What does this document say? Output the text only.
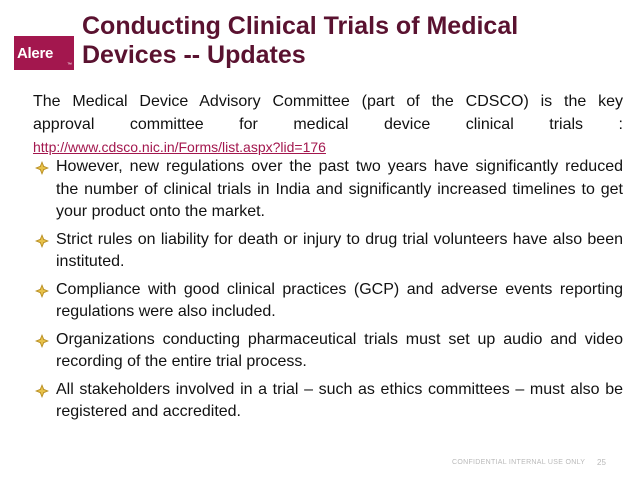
Alere
™
Conducting Clinical Trials of Medical
Devices -- Updates
The Medical Device Advisory Committee (part of the CDSCO) is the key
approval committee for medical device clinical trials :
http://www.cdsco.nic.in/Forms/list.aspx?lid=176
However, new regulations over the past two years have significantly reduced the number of clinical trials in India and significantly increased timelines to get your product onto the market.
Strict rules on liability for death or injury to drug trial volunteers have also been instituted.
Compliance with good clinical practices (GCP) and adverse events reporting regulations were also included.
Organizations conducting pharmaceutical trials must set up audio and video recording of the entire trial process.
All stakeholders involved in a trial – such as ethics committees – must also be registered and accredited.
CONFIDENTIAL INTERNAL USE ONLY 25
